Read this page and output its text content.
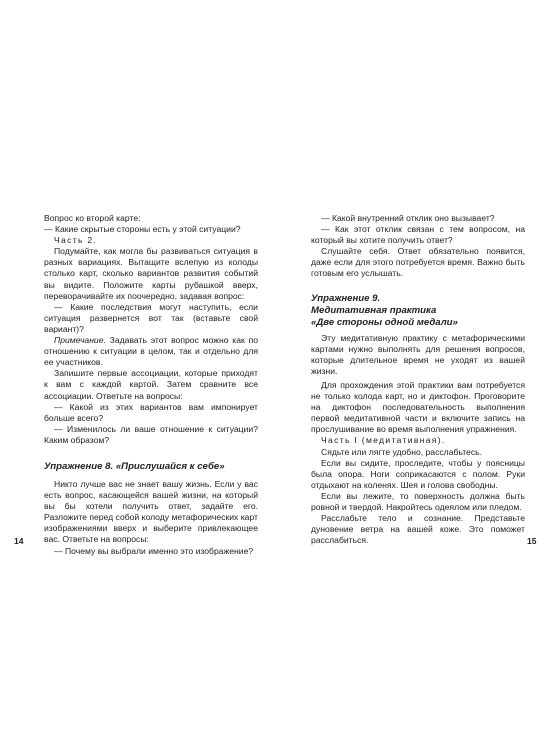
Вопрос ко второй карте:

— Какие скрытые стороны есть у этой ситуации?

Часть 2.

Подумайте, как могла бы развиваться ситуация в разных вариациях. Вытащите вслепую из колоды столько карт, сколько вариантов развития событий вы видите. Положите карты рубашкой вверх, переворачивайте их поочередно, задавая вопрос:

— Какие последствия могут наступить, если ситуация развернется вот так (вставьте свой вариант)?

Примечание. Задавать этот вопрос можно как по отношению к ситуации в целом, так и отдельно для ее участников.

Запишите первые ассоциации, которые приходят к вам с каждой картой. Затем сравните все ассоциации. Ответьте на вопросы:

— Какой из этих вариантов вам импонирует больше всего?

— Изменилось ли ваше отношение к ситуации? Каким образом?

Упражнение 8. «Прислушайся к себе»

Никто лучше вас не знает вашу жизнь. Если у вас есть вопрос, касающейся вашей жизни, на который вы бы хотели получить ответ, задайте его. Разложите перед собой колоду метафорических карт изображениями вверх и выберите привлекающее вас. Ответьте на вопросы:

— Почему вы выбрали именно это изображение?

— Какой внутренний отклик оно вызывает?

— Как этот отклик связан с тем вопросом, на который вы хотите получить ответ?

Слушайте себя. Ответ обязательно появится, даже если для этого потребуется время. Важно быть готовым его услышать.

Упражнение 9.
Медитативная практика
«Две стороны одной медали»

Эту медитативную практику с метафорическими картами нужно выполнять для решения вопросов, которые длительное время не уходят из вашей жизни.

Для прохождения этой практики вам потребуется не только колода карт, но и диктофон. Проговорите на диктофон последовательность выполнения первой медитативной части и включите запись на прослушивание во время выполнения упражнения.

Часть I (медитативная).

Сядьте или лягте удобно, расслабьтесь.

Если вы сидите, проследите, чтобы у поясницы была опора. Ноги соприкасаются с полом. Руки отдыхают на коленях. Шея и голова свободны.

Если вы лежите, то поверхность должна быть ровной и твердой. Накройтесь одеялом или пледом.

Расслабьте тело и сознание. Представьте дуновение ветра на вашей коже. Это поможет расслабиться.

14	15
